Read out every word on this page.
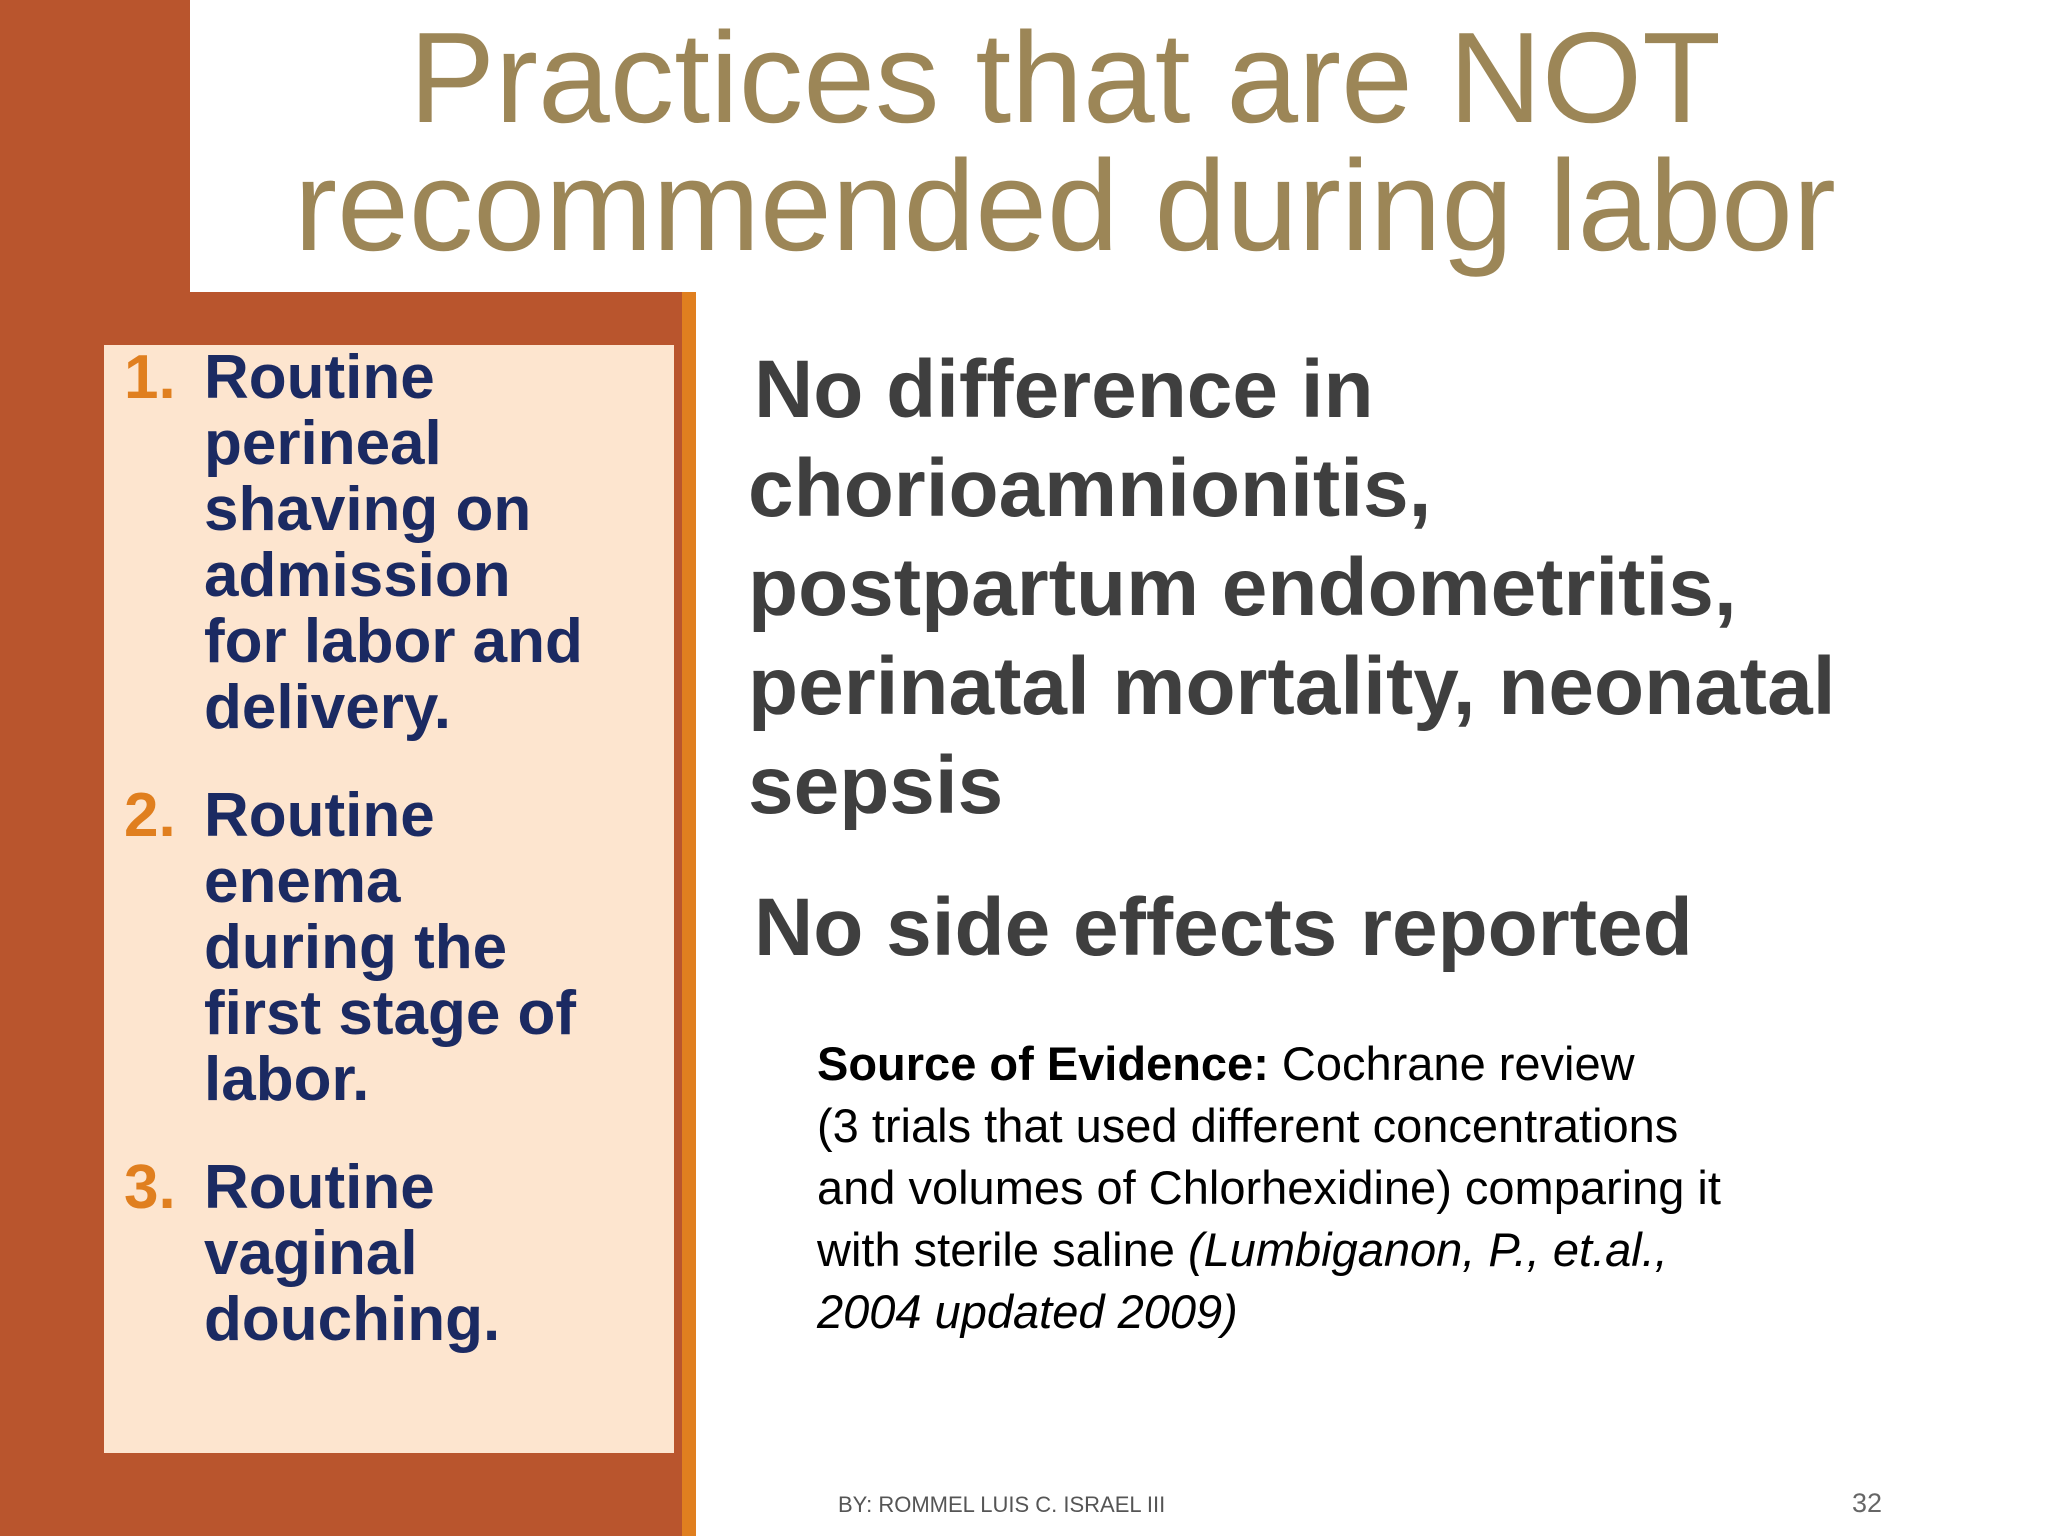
Practices that are NOT
recommended during labor
1. Routine
perineal
shaving on
admission
for labor and
delivery.
2. Routine
enema
during the
first stage of
labor.
3. Routine
vaginal
douching.

No difference in
chorioamnionitis,
postpartum endometritis,
perinatal mortality, neonatal
sepsis

No side effects reported

Source of Evidence: Cochrane review
(3 trials that used different concentrations
and volumes of Chlorhexidine) comparing it
with sterile saline (Lumbiganon, P., et.al.,
2004 updated 2009)

BY: ROMMEL LUIS C. ISRAEL III	32
